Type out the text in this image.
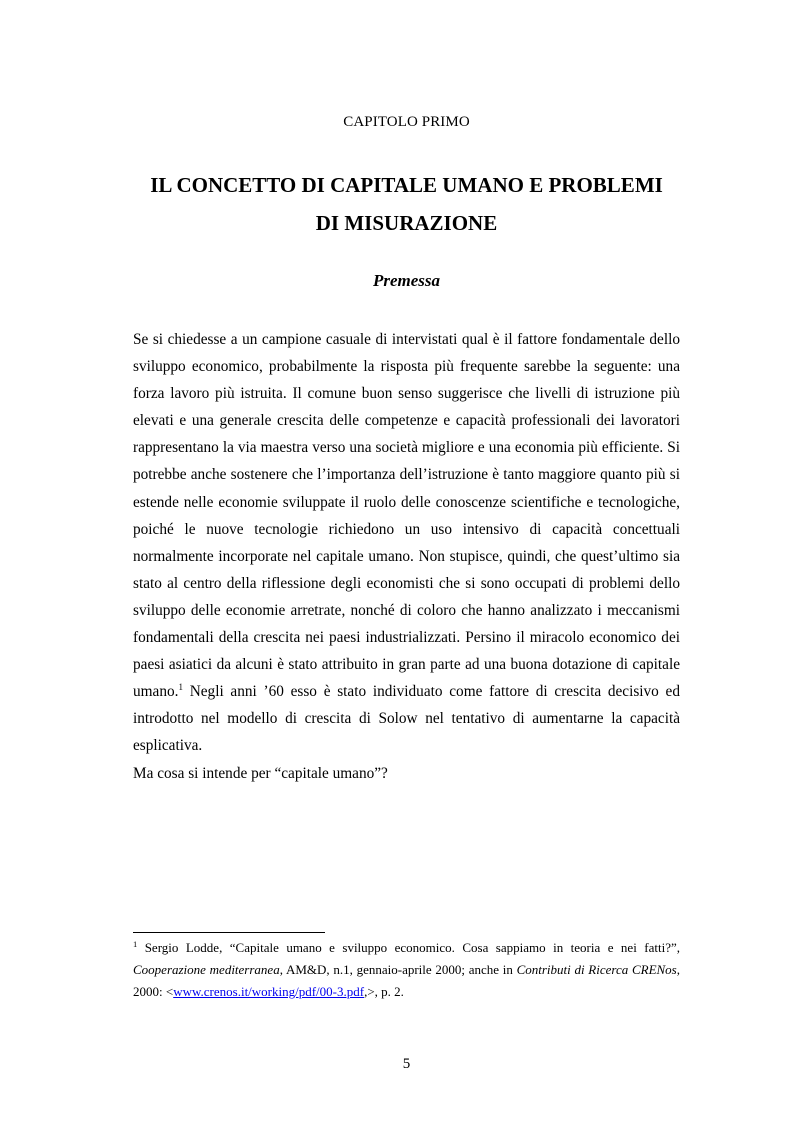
CAPITOLO PRIMO
IL CONCETTO DI CAPITALE UMANO E PROBLEMI
DI MISURAZIONE
Premessa

Se si chiedesse a un campione casuale di intervistati qual è il fattore fondamentale dello sviluppo economico, probabilmente la risposta più frequente sarebbe la seguente: una forza lavoro più istruita. Il comune buon senso suggerisce che livelli di istruzione più elevati e una generale crescita delle competenze e capacità professionali dei lavoratori rappresentano la via maestra verso una società migliore e una economia più efficiente. Si potrebbe anche sostenere che l’importanza dell’istruzione è tanto maggiore quanto più si estende nelle economie sviluppate il ruolo delle conoscenze scientifiche e tecnologiche, poiché le nuove tecnologie richiedono un uso intensivo di capacità concettuali normalmente incorporate nel capitale umano. Non stupisce, quindi, che quest’ultimo sia stato al centro della riflessione degli economisti che si sono occupati di problemi dello sviluppo delle economie arretrate, nonché di coloro che hanno analizzato i meccanismi fondamentali della crescita nei paesi industrializzati. Persino il miracolo economico dei paesi asiatici da alcuni è stato attribuito in gran parte ad una buona dotazione di capitale umano.$^1$ Negli anni ’60 esso è stato individuato come fattore di crescita decisivo ed introdotto nel modello di crescita di Solow nel tentativo di aumentarne la capacità esplicativa.

Ma cosa si intende per “capitale umano”?

$^1$ Sergio Lodde, “Capitale umano e sviluppo economico. Cosa sappiamo in teoria e nei fatti?”, Cooperazione mediterranea, AM&D, n.1, gennaio-aprile 2000; anche in Contributi di Ricerca CRENos, 2000: <www.crenos.it/working/pdf/00-3.pdf,>, p. 2.
5
